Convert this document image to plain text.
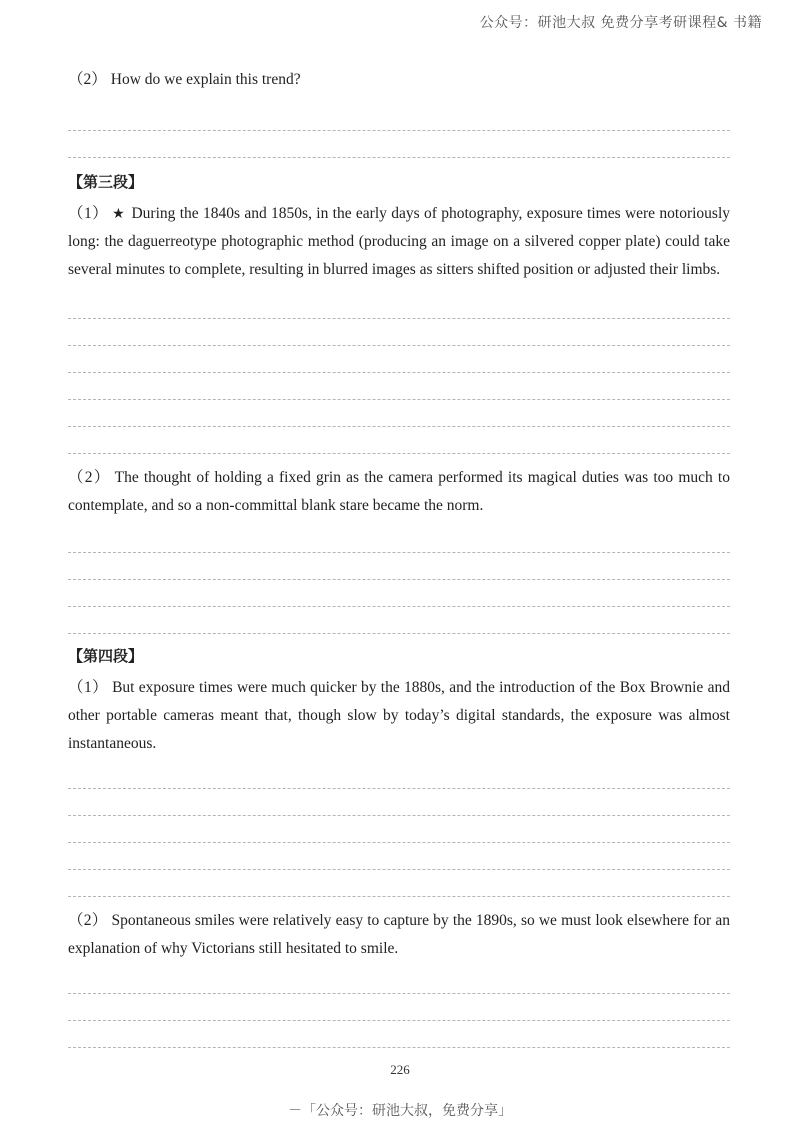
公众号：研池大叔 免费分享考研课程& 书籍

（2） How do we explain this trend?

【第三段】

（1） ★ During the 1840s and 1850s, in the early days of photography, exposure times were notoriously long: the daguerreotype photographic method (producing an image on a silvered copper plate) could take several minutes to complete, resulting in blurred images as sitters shifted position or adjusted their limbs.

（2） The thought of holding a fixed grin as the camera performed its magical duties was too much to contemplate, and so a non-committal blank stare became the norm.

【第四段】

（1） But exposure times were much quicker by the 1880s, and the introduction of the Box Brownie and other portable cameras meant that, though slow by today’s digital standards, the exposure was almost instantaneous.

（2） Spontaneous smiles were relatively easy to capture by the 1890s, so we must look elsewhere for an explanation of why Victorians still hesitated to smile.

226
－「公众号：研池大叔，免费分享」
